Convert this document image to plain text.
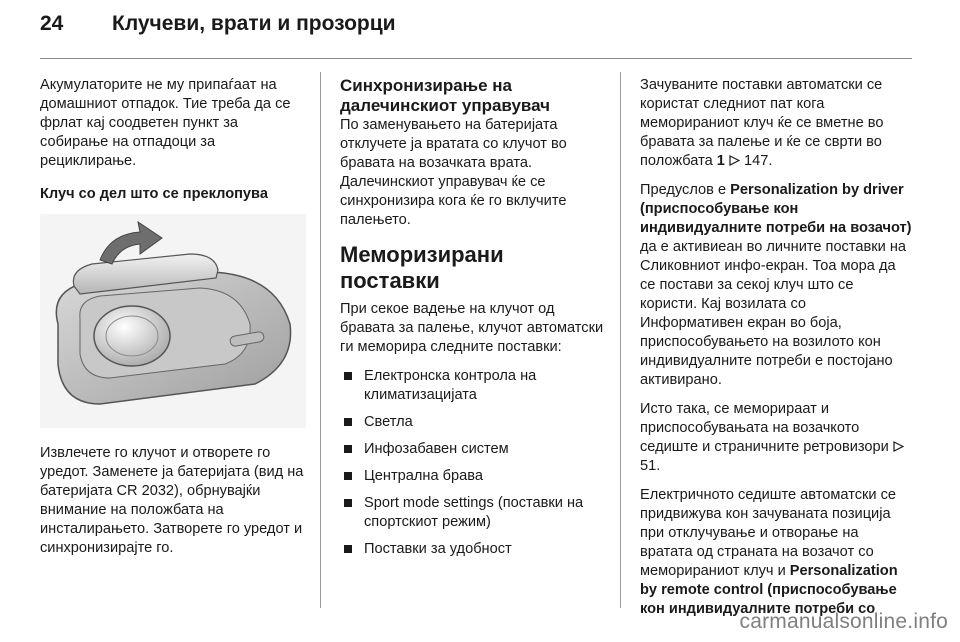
24	Клучеви, врати и прозорци

Акумулаторите не му припаѓаат на домашниот отпадок. Тие треба да се фрлат кај соодветен пункт за собирање на отпадоци за рециклирање.

Клуч со дел што се преклопува

Извлечете го клучот и отворете го уредот. Заменете ја батеријата (вид на батеријата CR 2032), обрнувајќи внимание на положбата на инсталирањето. Затворете го уредот и синхронизирајте го.

Синхронизирање на далечинскиот управувач

По заменувањето на батеријата отклучете ја вратата со клучот во бравата на возачката врата. Далечинскиот управувач ќе се синхронизира кога ќе го вклучите палењето.

Меморизирани поставки

При секое вадење на клучот од бравата за палење, клучот автоматски ги меморира следните поставки:

Електронска контрола на климатизацијата
Светла
Инфозабавен систем
Централна брава
Sport mode settings (поставки на спортскиот режим)
Поставки за удобност

Зачуваните поставки автоматски се користат следниот пат кога меморираниот клуч ќе се вметне во бравата за палење и ќе се сврти во положбата 1 147.

Предуслов е Personalization by driver (приспособување кон индивидуалните потреби на возачот) да е активиеан во личните поставки на Сликовниот инфо-екран. Тоа мора да се постави за секој клуч што се користи. Кај возилата со Информативен екран во боја, приспособувањето на возилото кон индивидуалните потреби е постојано активирано.

Исто така, се меморираат и приспособувањата на возачкото седиште и страничните ретровизори  51.

Електричното седиште автоматски се придвижува кон зачуваната позиција при отклучување и отворање на вратата од страната на возачот со меморираниот клуч и Personalization by remote control (приспособување кон индивидуалните потреби со

carmanualsonline.info
